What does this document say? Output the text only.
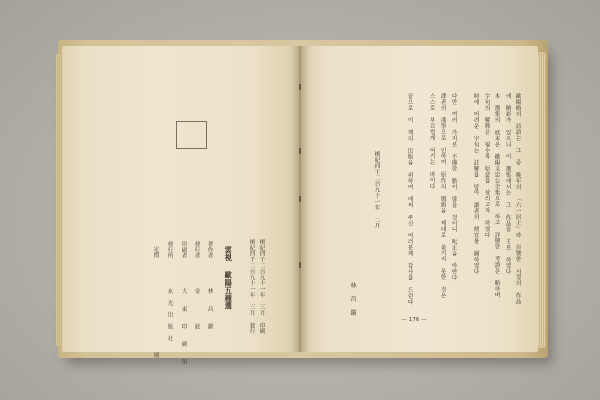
雲視 歐陽五種選	檀紀四千二百九十一年 三月 印刷
檀紀四千二百九十一年 三月 發行
著作者　　　　　林　　昌　　鎭
發行者　　　　　金　　　　　鉉
印刷者　　　　　大　　東　　印　　刷　　所
發行所　　　　　玄　光　出　版　社
定價　　　　　　　　　　　　　　　　園	歐陽脩의 詩語는 그 중 晩年의 「六一居士」라 自號한 시절의 作品
에 精彩가 있으니 이 選集에서는 그 作品을 主로 하였다
本 選集의 底本은 歐陽文忠公全集으로 하고 詳細한 考證은 略하며
字句의 解釋은 될수록 原意를 살리고자 하였다
時에 어려운 字句는 註解를 달아 讀者의 便宜를 圖하였다
다만 여러 가지로 不備한 點이 많을 것이니 叱正을 바란다
譯者의 淺學으로 인하여 原作의 風韻을 제대로 옮기지 못한 것은
스스로 부끄럽게 여기는 바이다
끝으로 이 책의 出版을 위하여 애써 주신 여러분께 감사를 드린다
檀紀四千二百九十一年 二月
林 昌 鎭
— 176 —
